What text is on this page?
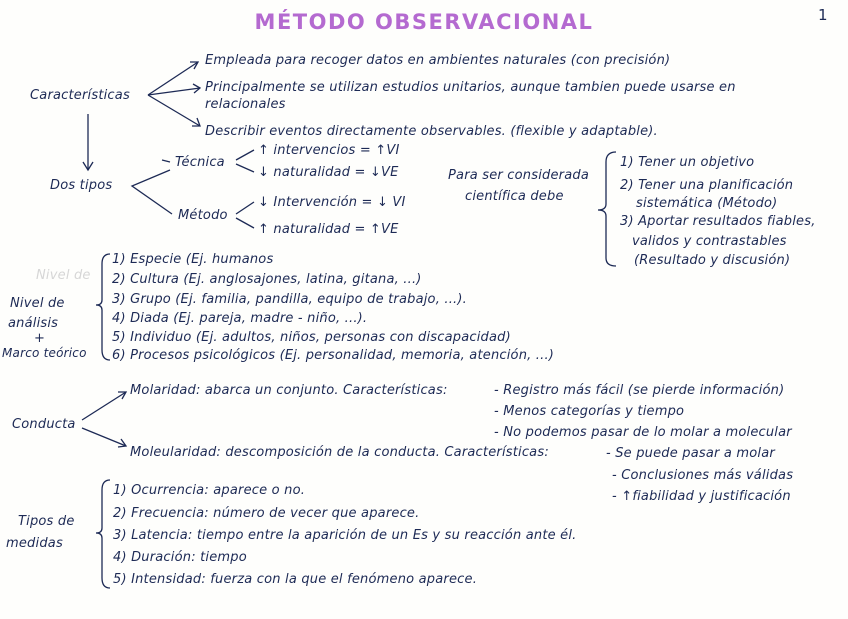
MÉTODO OBSERVACIONAL	1
Características
Empleada para recoger datos en ambientes naturales (con precisión)
Principalmente se utilizan estudios unitarios, aunque tambien puede usarse en
relacionales
Describir eventos directamente observables. (flexible y adaptable).
Dos tipos
Técnica
↑ intervencios = ↑VI
↓ naturalidad = ↓VE
Método
↓ Intervención = ↓ VI
↑ naturalidad = ↑VE
Para ser considerada
científica debe
1) Tener un objetivo
2) Tener una planificación
sistemática (Método)
3) Aportar resultados fiables,
validos y contrastables
(Resultado y discusión)
Nivel de
Nivel de
análisis
+
Marco teórico
1) Especie (Ej. humanos
2) Cultura (Ej. anglosajones, latina, gitana, ...)
3) Grupo (Ej. familia, pandilla, equipo de trabajo, ...).
4) Diada (Ej. pareja, madre - niño, ...).
5) Individuo (Ej. adultos, niños, personas con discapacidad)
6) Procesos psicológicos (Ej. personalidad, memoria, atención, ...)
Conducta
Molaridad: abarca un conjunto. Características:	- Registro más fácil (se pierde información)
- Menos categorías y tiempo
- No podemos pasar de lo molar a molecular
Moleularidad: descomposición de la conducta. Características:	- Se puede pasar a molar
- Conclusiones más válidas
- ↑fiabilidad y justificación
Tipos de
medidas
1) Ocurrencia: aparece o no.
2) Frecuencia: número de vecer que aparece.
3) Latencia: tiempo entre la aparición de un Es y su reacción ante él.
4) Duración: tiempo
5) Intensidad: fuerza con la que el fenómeno aparece.
